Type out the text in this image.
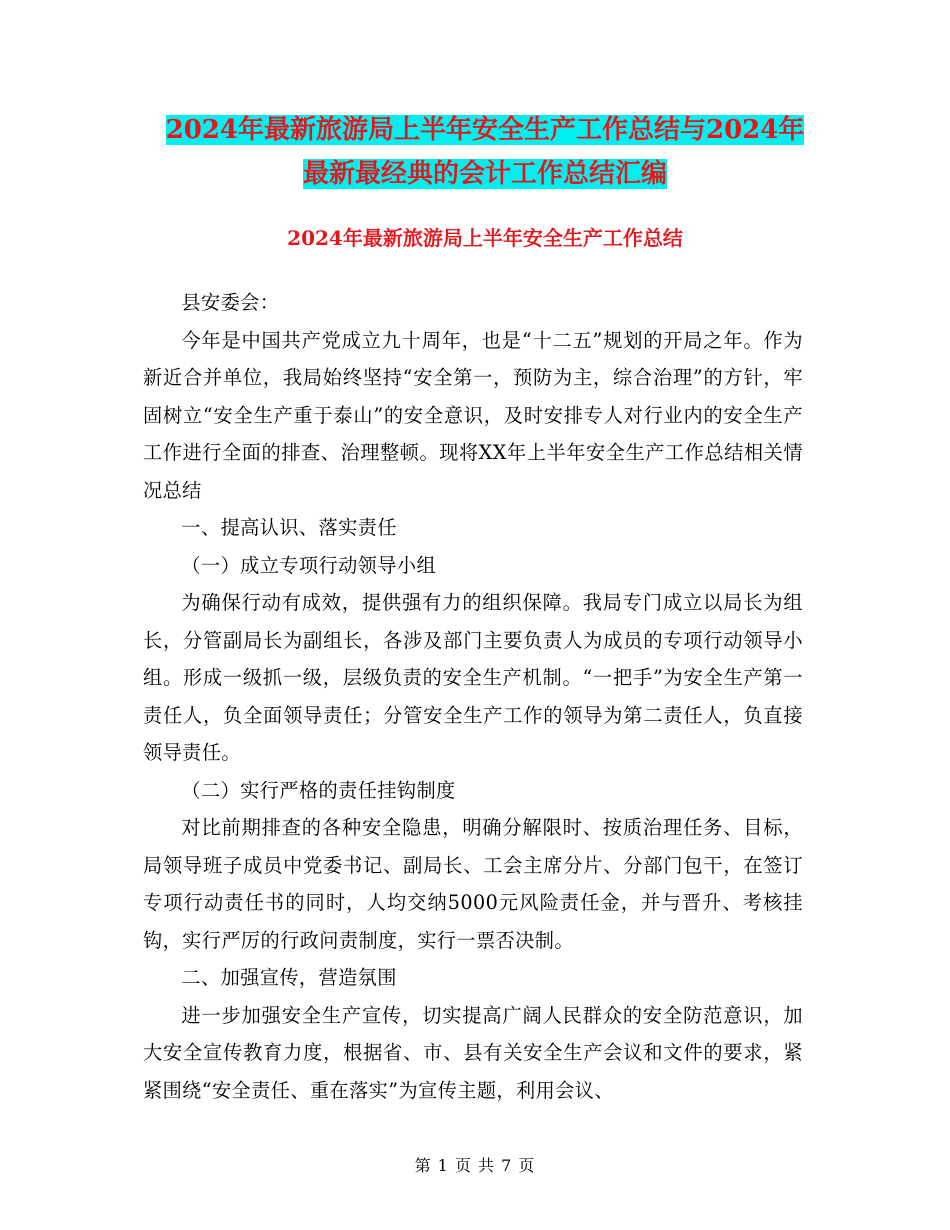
2024年最新旅游局上半年安全生产工作总结与2024年
最新最经典的会计工作总结汇编
2024年最新旅游局上半年安全生产工作总结

县安委会：

今年是中国共产党成立九十周年，也是“十二五”规划的开局之年。作为新近合并单位，我局始终坚持“安全第一，预防为主，综合治理”的方针，牢固树立“安全生产重于泰山”的安全意识，及时安排专人对行业内的安全生产工作进行全面的排查、治理整顿。现将XX年上半年安全生产工作总结相关情况总结

一、提高认识、落实责任

（一）成立专项行动领导小组

为确保行动有成效，提供强有力的组织保障。我局专门成立以局长为组长，分管副局长为副组长，各涉及部门主要负责人为成员的专项行动领导小组。形成一级抓一级，层级负责的安全生产机制。“一把手”为安全生产第一责任人，负全面领导责任；分管安全生产工作的领导为第二责任人，负直接领导责任。

（二）实行严格的责任挂钩制度

对比前期排查的各种安全隐患，明确分解限时、按质治理任务、目标，局领导班子成员中党委书记、副局长、工会主席分片、分部门包干，在签订专项行动责任书的同时，人均交纳5000元风险责任金，并与晋升、考核挂钩，实行严厉的行政问责制度，实行一票否决制。

二、加强宣传，营造氛围

进一步加强安全生产宣传，切实提高广阔人民群众的安全防范意识，加大安全宣传教育力度，根据省、市、县有关安全生产会议和文件的要求，紧紧围绕“安全责任、重在落实”为宣传主题，利用会议、

第 1 页 共 7 页
